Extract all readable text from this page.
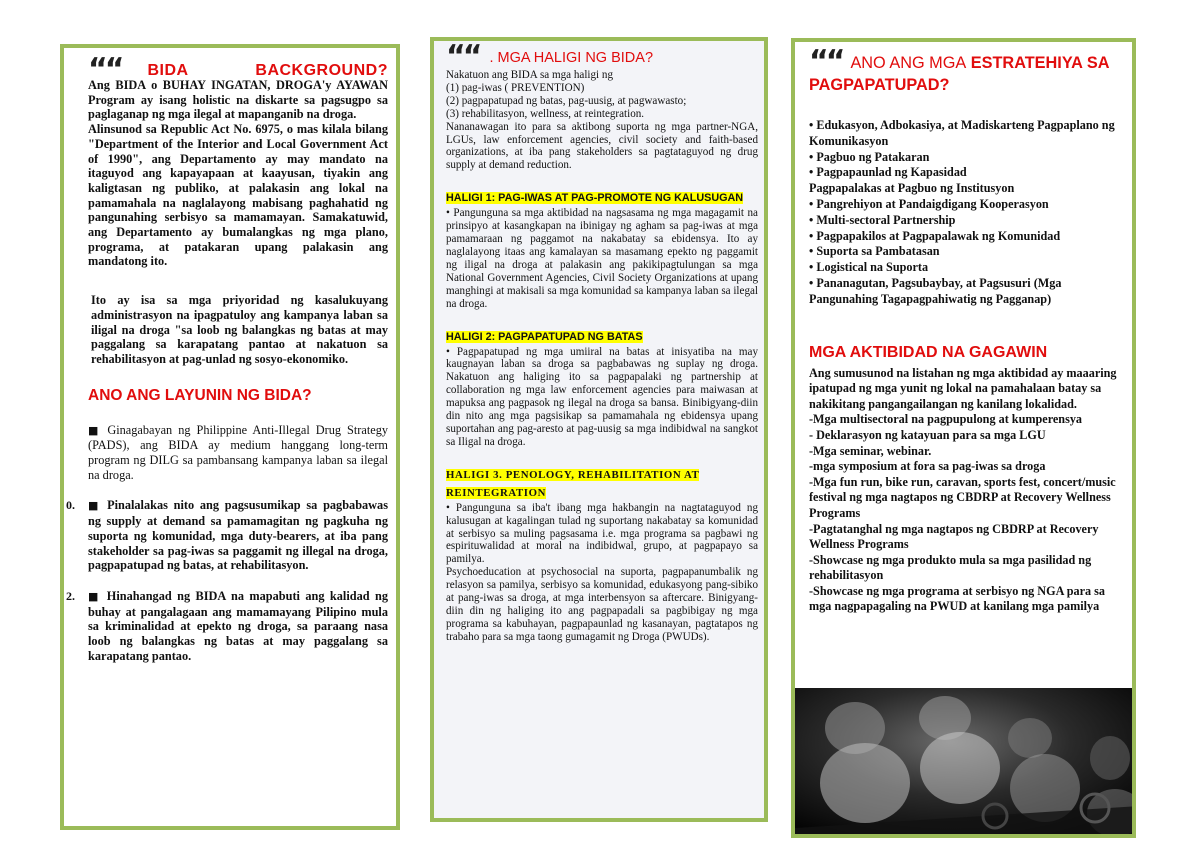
““ BIDA	BACKGROUND?

Ang BIDA o BUHAY INGATAN, DROGA'y AYAWAN Program ay isang holistic na diskarte sa pagsugpo sa paglaganap ng mga ilegal at mapanganib na droga.

Alinsunod sa Republic Act No. 6975, o mas kilala bilang "Department of the Interior and Local Government Act of 1990", ang Departamento ay may mandato na itaguyod ang kapayapaan at kaayusan, tiyakin ang kaligtasan ng publiko, at palakasin ang lokal na pamamahala na naglalayong mabisang paghahatid ng pangunahing serbisyo sa mamamayan. Samakatuwid, ang Departamento ay bumalangkas ng mga plano, programa, at patakaran upang palakasin ang mandatong ito.

Ito ay isa sa mga priyoridad ng kasalukuyang administrasyon na ipagpatuloy ang kampanya laban sa iligal na droga "sa loob ng balangkas ng batas at may paggalang sa karapatang pantao at nakatuon sa rehabilitasyon at pag-unlad ng sosyo-ekonomiko.

ANO ANG LAYUNIN NG BIDA?

■ Ginagabayan ng Philippine Anti-Illegal Drug Strategy (PADS), ang BIDA ay medium hanggang long-term program ng DILG sa pambansang kampanya laban sa ilegal na droga.

0. ■ Pinalalakas nito ang pagsusumikap sa pagbabawas ng supply at demand sa pamamagitan ng pagkuha ng suporta ng komunidad, mga duty-bearers, at iba pang stakeholder sa pag-iwas sa paggamit ng illegal na droga, pagpapatupad ng batas, at rehabilitasyon.

2. ■ Hinahangad ng BIDA na mapabuti ang kalidad ng buhay at pangalagaan ang mamamayang Pilipino mula sa kriminalidad at epekto ng droga, sa paraang nasa loob ng balangkas ng batas at may paggalang sa karapatang pantao.

““ . MGA HALIGI NG BIDA?

Nakatuon ang BIDA sa mga haligi ng

(1) pag-iwas ( PREVENTION)

(2) pagpapatupad ng batas, pag-uusig, at pagwawasto;

(3) rehabilitasyon, wellness, at reintegration.

Nananawagan ito para sa aktibong suporta ng mga partner-NGA, LGUs, law enforcement agencies, civil society and faith-based organizations, at iba pang stakeholders sa pagtataguyod ng drug supply at demand reduction.

HALIGI 1: PAG-IWAS AT PAG-PROMOTE NG KALUSUGAN

• Pangunguna sa mga aktibidad na nagsasama ng mga magagamit na prinsipyo at kasangkapan na ibinigay ng agham sa pag-iwas at mga pamamaraan ng paggamot na nakabatay sa ebidensya. Ito ay naglalayong itaas ang kamalayan sa masamang epekto ng paggamit ng iligal na droga at palakasin ang pakikipagtulungan sa mga National Government Agencies, Civil Society Organizations at upang manghingi at makisali sa mga komunidad sa kampanya laban sa ilegal na droga.

HALIGI 2: PAGPAPATUPAD NG BATAS

• Pagpapatupad ng mga umiiral na batas at inisyatiba na may kaugnayan laban sa droga sa pagbabawas ng suplay ng droga. Nakatuon ang haliging ito sa pagpapalaki ng partnership at collaboration ng mga law enforcement agencies para maiwasan at mapuksa ang pagpasok ng ilegal na droga sa bansa. Binibigyang-diin din nito ang mga pagsisikap sa pamamahala ng ebidensya upang suportahan ang pag-aresto at pag-uusig sa mga indibidwal na sangkot sa Iligal na droga.

HALIGI 3. PENOLOGY, REHABILITATION AT REINTEGRATION

• Pangunguna sa iba't ibang mga hakbangin na nagtataguyod ng kalusugan at kagalingan tulad ng suportang nakabatay sa komunidad at serbisyo sa muling pagsasama i.e. mga programa sa pagbawi ng espirituwalidad at moral na indibidwal, grupo, at pagpapayo sa pamilya.

Psychoeducation at psychosocial na suporta, pagpapanumbalik ng relasyon sa pamilya, serbisyo sa komunidad, edukasyong pang-sibiko at pang-iwas sa droga, at mga interbensyon sa aftercare. Binigyang-diin din ng haliging ito ang pagpapadali sa pagbibigay ng mga programa sa kabuhayan, pagpapaunlad ng kasanayan, pagtatapos ng trabaho para sa mga taong gumagamit ng Droga (PWUDs).

““ ANO ANG MGA ESTRATEHIYA SA PAGPAPATUPAD?
• Edukasyon, Adbokasiya, at Madiskarteng Pagpaplano ng Komunikasyon
• Pagbuo ng Patakaran
• Pagpapaunlad ng Kapasidad
Pagpapalakas at Pagbuo ng Institusyon
• Pangrehiyon at Pandaigdigang Kooperasyon
• Multi-sectoral Partnership
• Pagpapakilos at Pagpapalawak ng Komunidad
• Suporta sa Pambatasan
• Logistical na Suporta
• Pananagutan, Pagsubaybay, at Pagsusuri (Mga Pangunahing Tagapagpahiwatig ng Pagganap)
MGA AKTIBIDAD NA GAGAWIN

Ang sumusunod na listahan ng mga aktibidad ay maaaring ipatupad ng mga yunit ng lokal na pamahalaan batay sa nakikitang pangangailangan ng kanilang lokalidad.

-Mga multisectoral na pagpupulong at kumperensya

- Deklarasyon ng katayuan para sa mga LGU

-Mga seminar, webinar.

-mga symposium at fora sa pag-iwas sa droga

-Mga fun run, bike run, caravan, sports fest, concert/music festival ng mga nagtapos ng CBDRP at Recovery Wellness Programs

-Pagtatanghal ng mga nagtapos ng CBDRP at Recovery Wellness Programs

-Showcase ng mga produkto mula sa mga pasilidad ng rehabilitasyon

-Showcase ng mga programa at serbisyo ng NGA para sa mga nagpapagaling na PWUD at kanilang mga pamilya
